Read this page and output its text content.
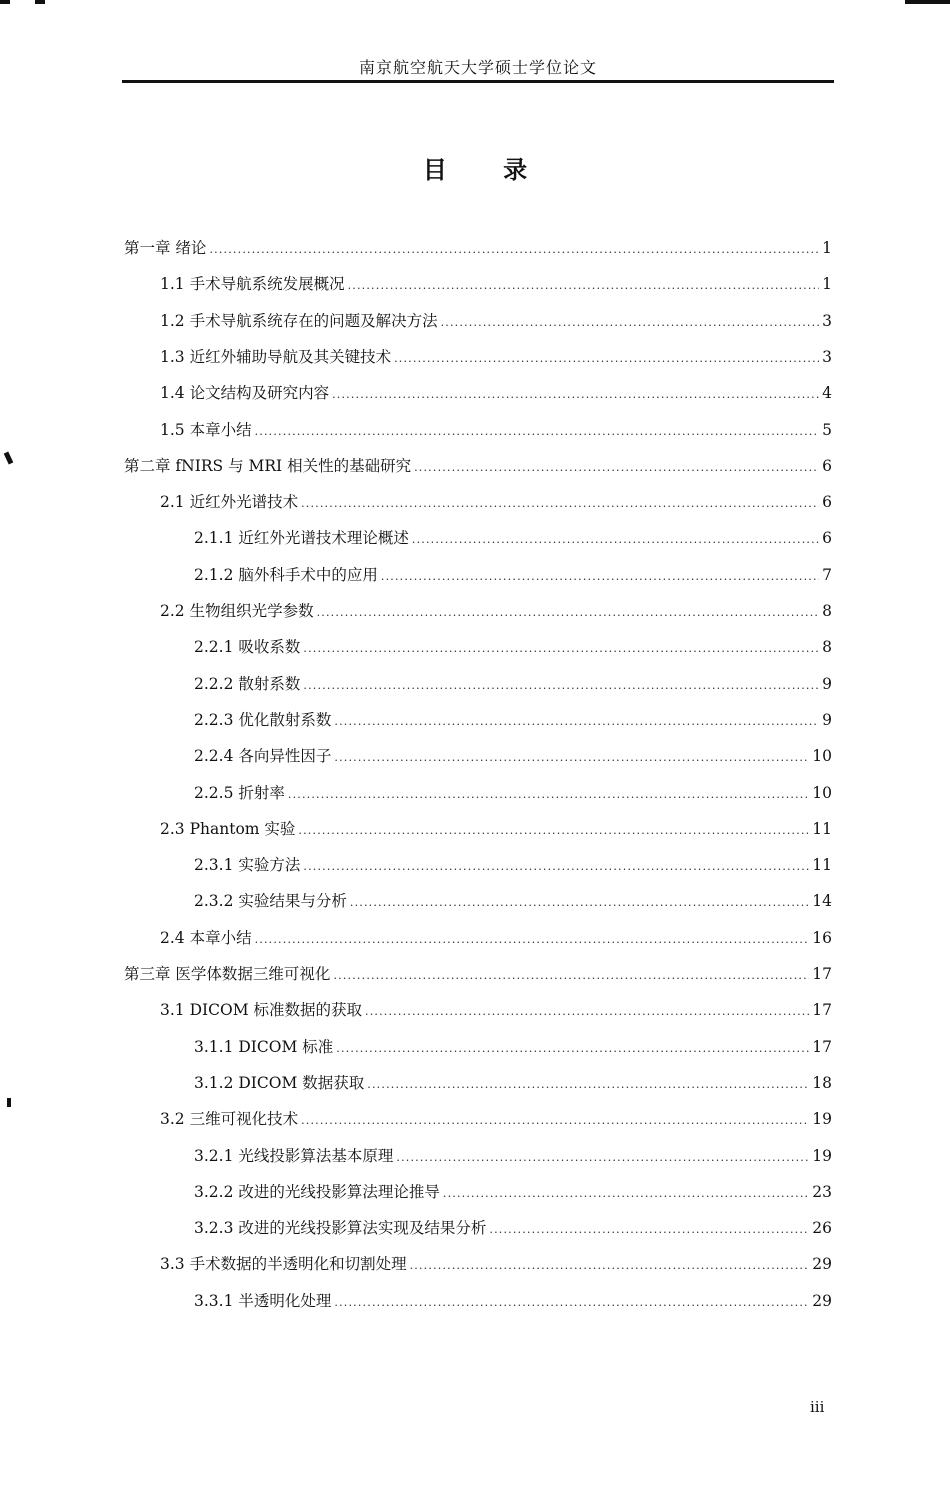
南京航空航天大学硕士学位论文
目 录
第一章 绪论 .....	1
1.1 手术导航系统发展概况 .....	1
1.2 手术导航系统存在的问题及解决方法 .....	3
1.3 近红外辅助导航及其关键技术 .....	3
1.4 论文结构及研究内容 .....	4
1.5 本章小结 .....	5
第二章 fNIRS 与 MRI 相关性的基础研究 .....	6
2.1 近红外光谱技术 .....	6
2.1.1 近红外光谱技术理论概述 .....	6
2.1.2 脑外科手术中的应用 .....	7
2.2 生物组织光学参数 .....	8
2.2.1 吸收系数 .....	8
2.2.2 散射系数 .....	9
2.2.3 优化散射系数 .....	9
2.2.4 各向异性因子 .....	10
2.2.5 折射率 .....	10
2.3 Phantom 实验 .....	11
2.3.1 实验方法 .....	11
2.3.2 实验结果与分析 .....	14
2.4 本章小结 .....	16
第三章 医学体数据三维可视化 .....	17
3.1 DICOM 标准数据的获取 .....	17
3.1.1 DICOM 标准 .....	17
3.1.2 DICOM 数据获取 .....	18
3.2 三维可视化技术 .....	19
3.2.1 光线投影算法基本原理 .....	19
3.2.2 改进的光线投影算法理论推导 .....	23
3.2.3 改进的光线投影算法实现及结果分析 .....	26
3.3 手术数据的半透明化和切割处理 .....	29
3.3.1 半透明化处理 .....	29
iii
